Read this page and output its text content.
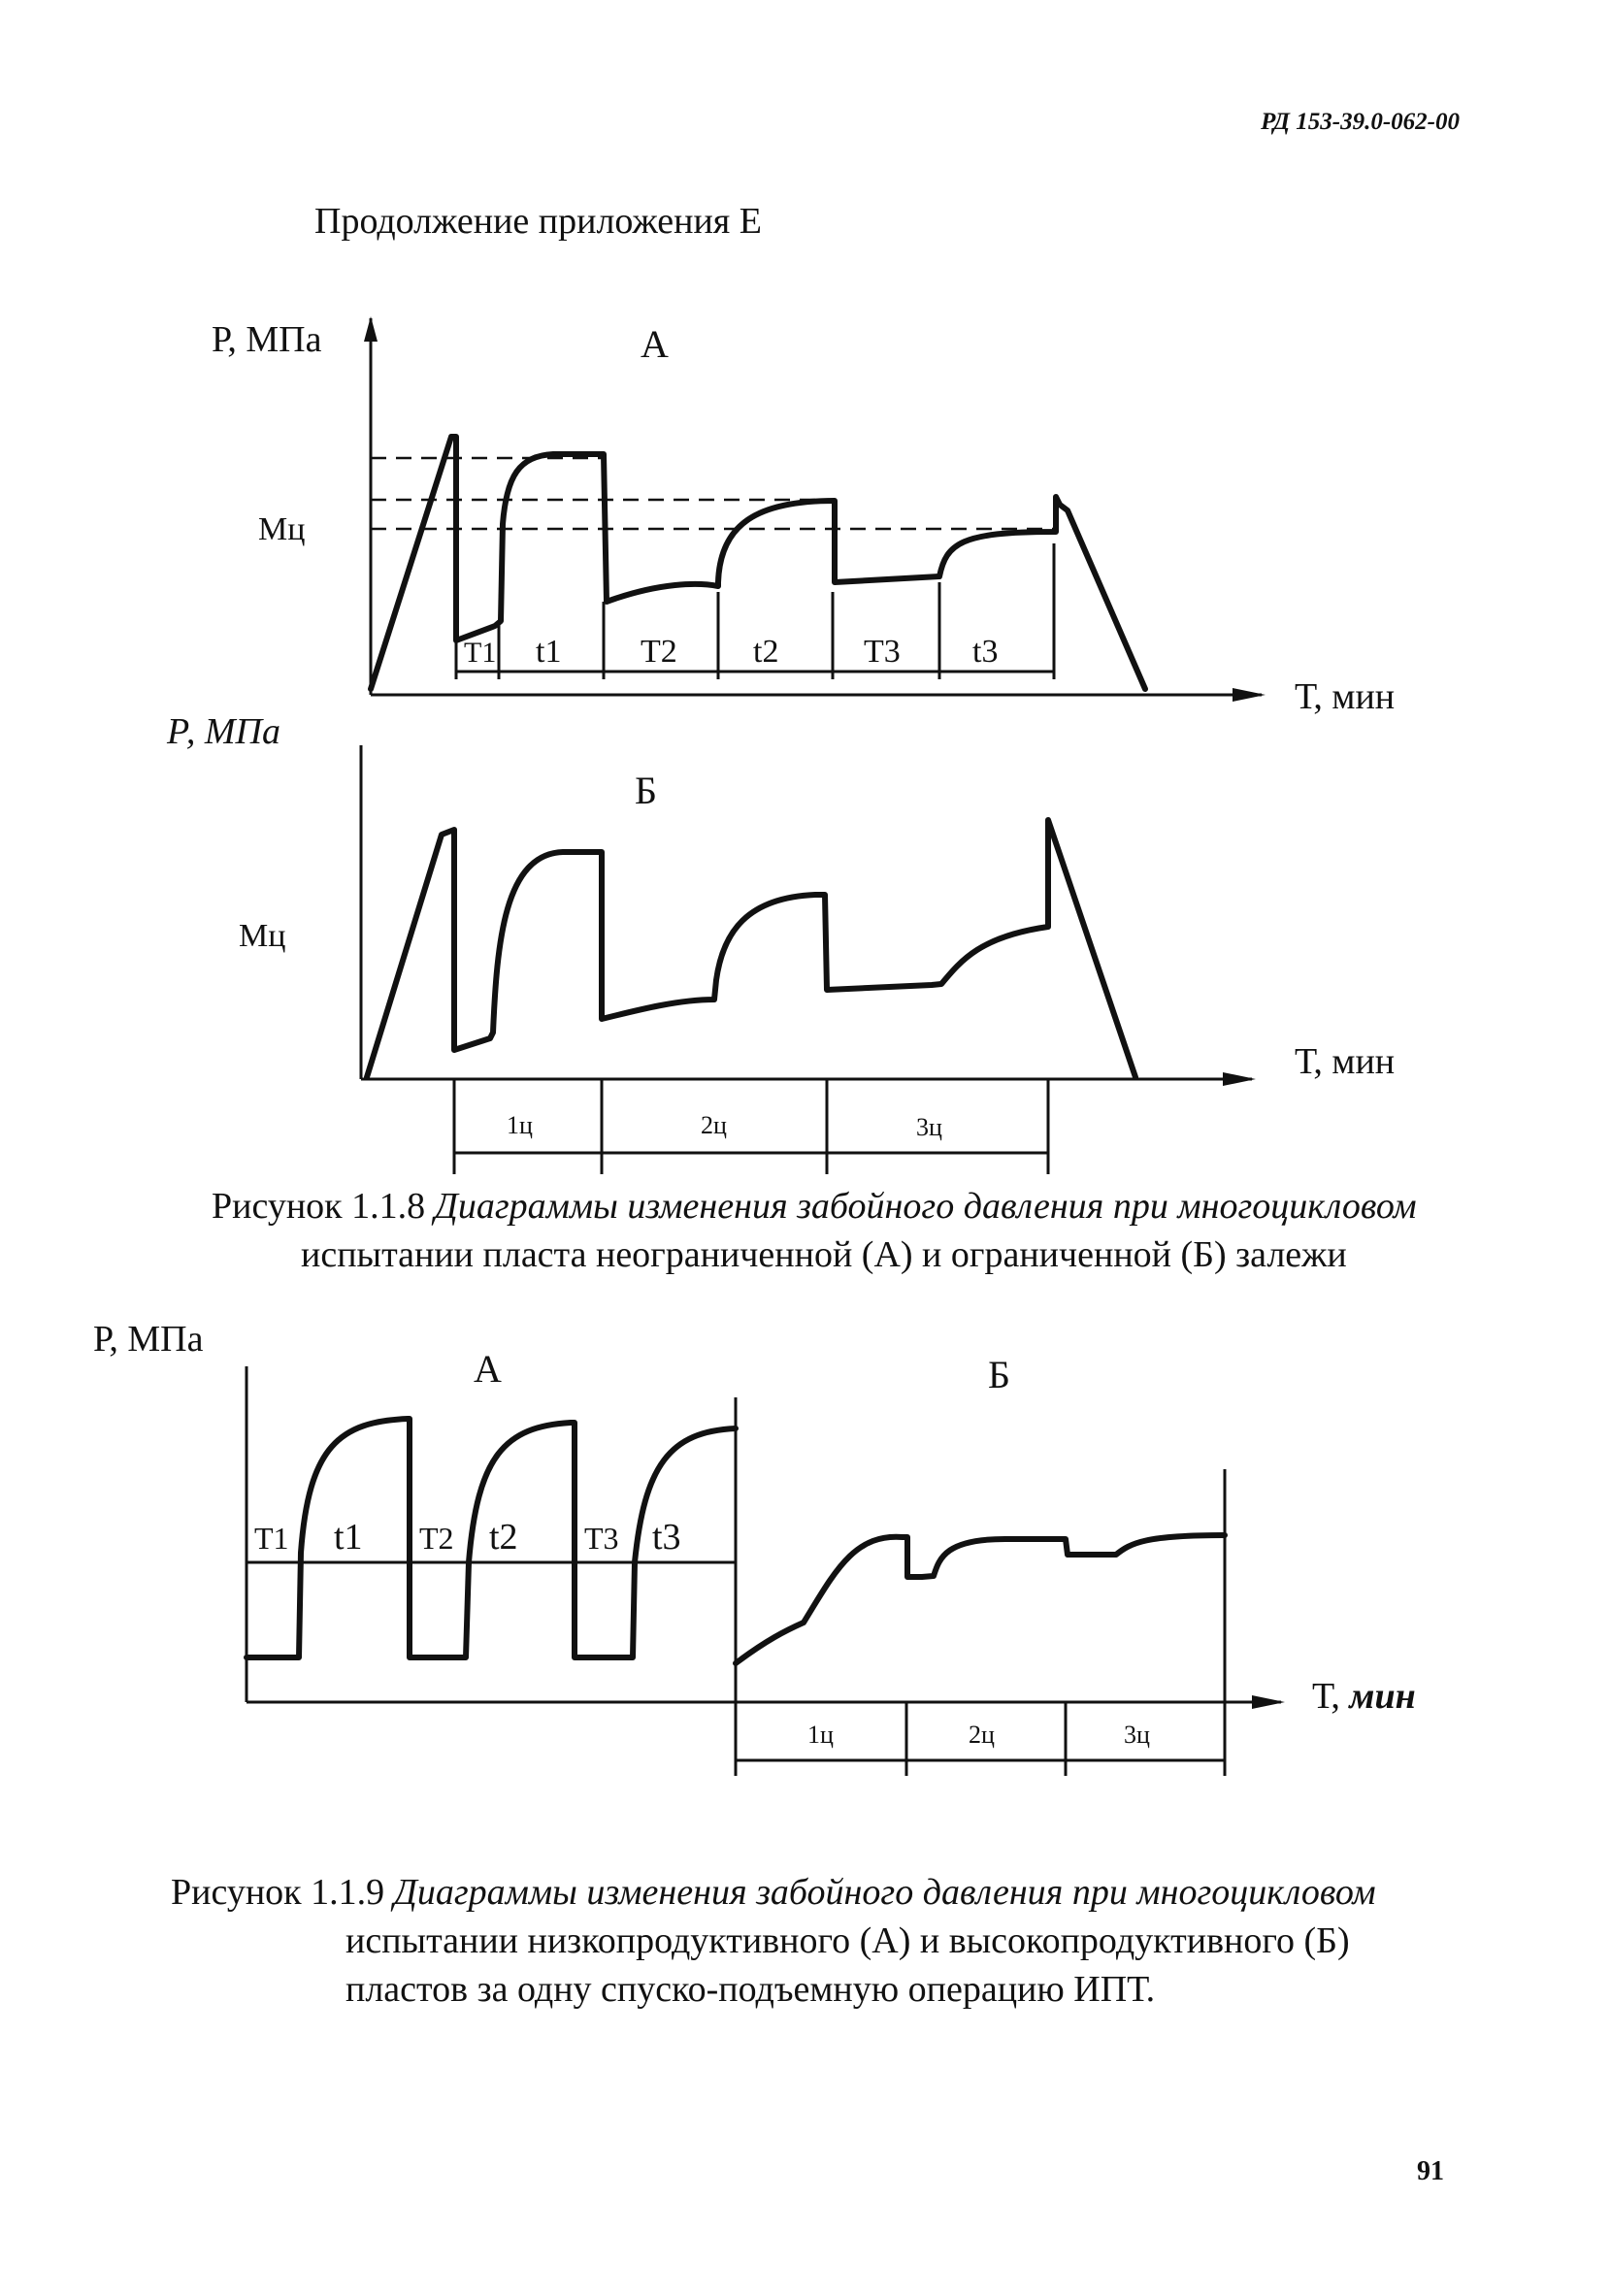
РД 153-39.0-062-00
Продолжение приложения Е
Р, МПа	А
Mц
Т, мин
Т1 t1 Т2 t2	Т3 t3
Р, МПа
Б
Mц
Т, мин
1ц	2ц	3ц
Р, МПа
А	Б
Т, мин
Т1 t1 Т2 t2 Т3 t3
1ц	2ц	3ц
Рисунок 1.1.8 Диаграммы изменения забойного давления при многоцикловом
испытании пласта неограниченной (А) и ограниченной (Б) залежи
Рисунок 1.1.9 Диаграммы изменения забойного давления при многоцикловом
испытании низкопродуктивного (А) и высокопродуктивного (Б)
пластов за одну спуско-подъемную операцию ИПТ.
91
